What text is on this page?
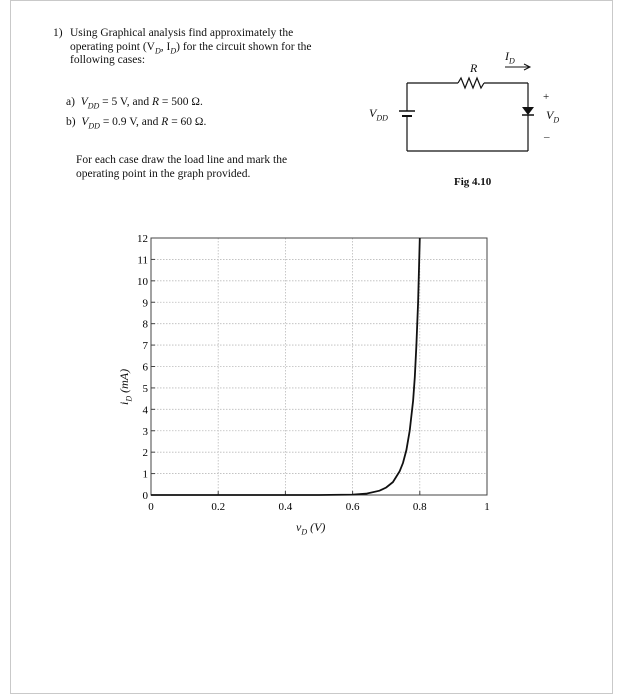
1) Using Graphical analysis find approximately the
operating point ($V_D$, $I_D$) for the circuit shown for the
following cases:
a) $V_{DD} = 5$ V, and R = 500 Ω.
b) $V_{DD} = 0.9$ V, and R = 60 Ω.
For each case draw the load line and mark the
operating point in the graph provided.
R
$I_D$
$V_{DD}$
+
–
$V_D$
Fig 4.10
0
1
2
3
4
5
6
7
8
9
10
11
12
0	0.2	0.4	0.6	0.8	1
$i_D$ (mA)
$v_D$ (V)
